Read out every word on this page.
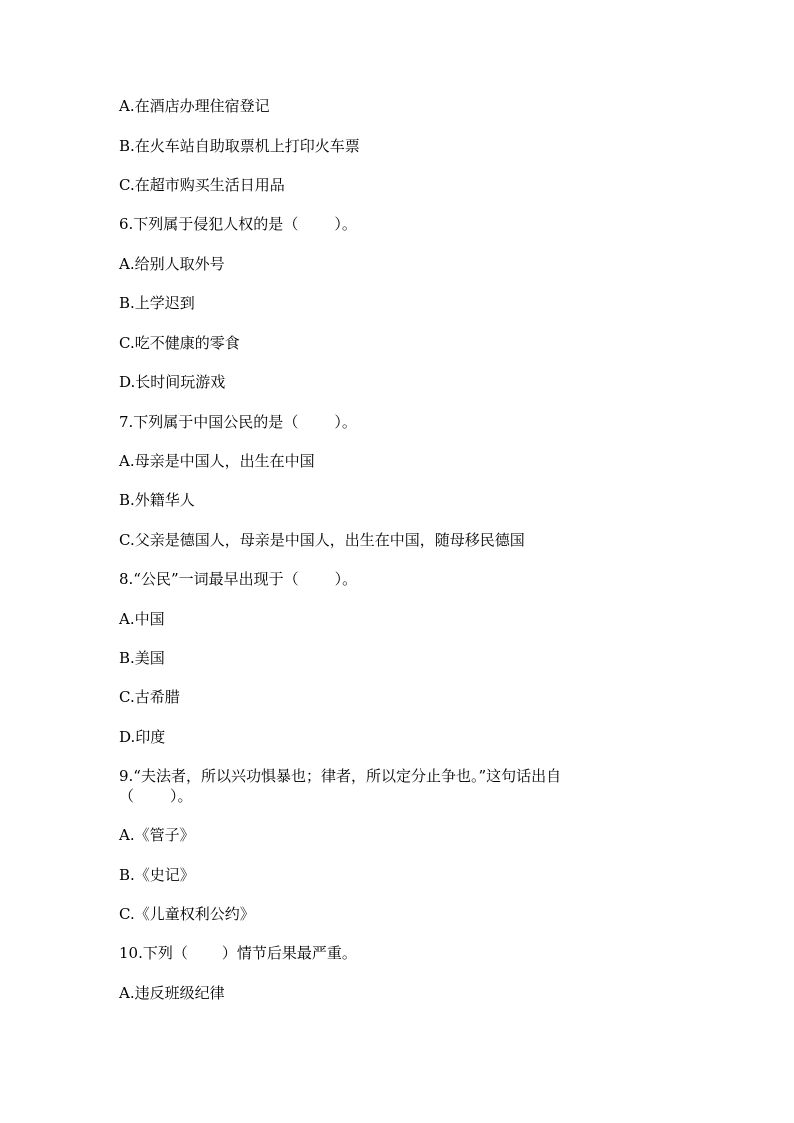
A.在酒店办理住宿登记
B.在火车站自助取票机上打印火车票
C.在超市购买生活日用品
6.下列属于侵犯人权的是（ ）。
A.给别人取外号
B.上学迟到
C.吃不健康的零食
D.长时间玩游戏
7.下列属于中国公民的是（ ）。
A.母亲是中国人，出生在中国
B.外籍华人
C.父亲是德国人，母亲是中国人，出生在中国，随母移民德国
8.“公民”一词最早出现于（ ）。
A.中国
B.美国
C.古希腊
D.印度
9.“夫法者，所以兴功惧暴也；律者，所以定分止争也。”这句话出自
（ ）。
A.《管子》
B.《史记》
C.《儿童权利公约》
10.下列（ ）情节后果最严重。
A.违反班级纪律
